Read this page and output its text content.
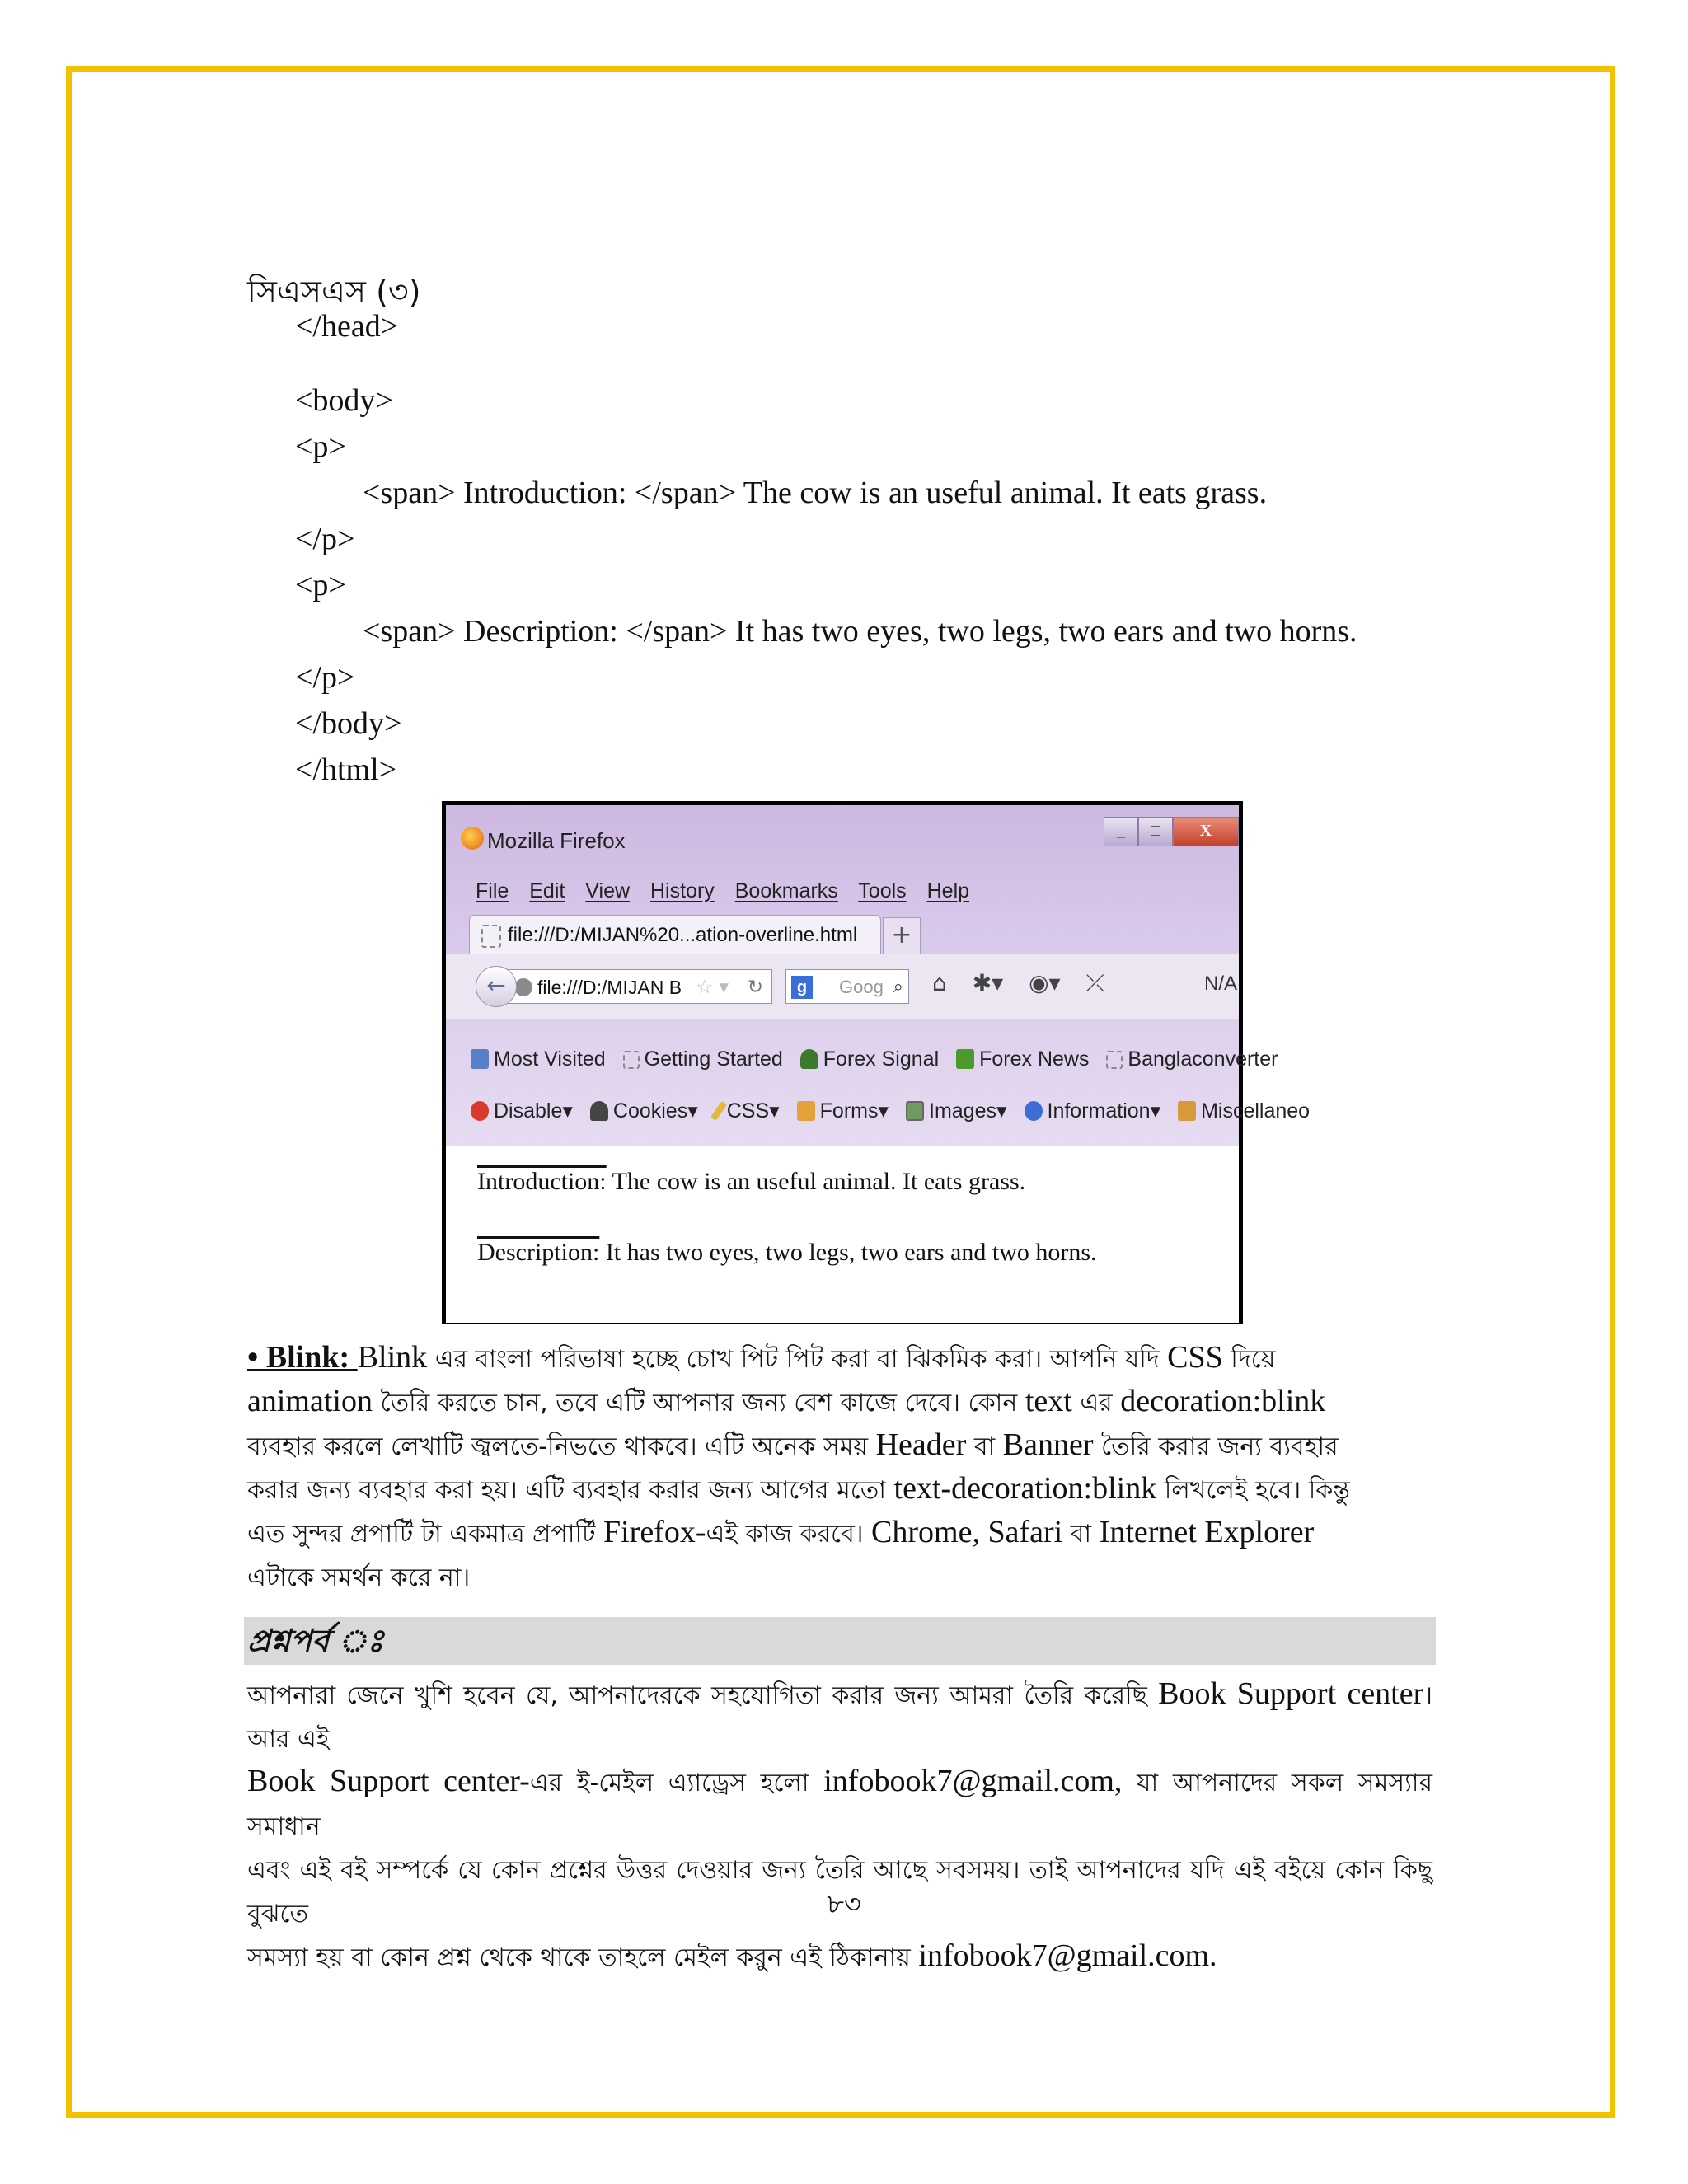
সিএসএস (৩)
</head>
<body>
<p>
<span> Introduction: </span> The cow is an useful animal. It eats grass.
</p>
<p>
<span> Description: </span> It has two eyes, two legs, two ears and two horns.
</p>
</body>
</html>
Mozilla Firefox	_	□	X
File Edit View History Bookmarks Tools Help
file:///D:/MIJAN%20...ation-overline.html	+
file:///D:/MIJAN B ☆ ▾ ↻
←	g	Goog ⌕ ⌂ ✱▾ ◉▾ ⤫	N/A
Most Visited Getting Started Forex Signal Forex News Banglaconverter
Disable▾ Cookies▾ CSS▾ Forms▾ Images▾ Information▾ Miscellaneo
Introduction: The cow is an useful animal. It eats grass.
Description: It has two eyes, two legs, two ears and two horns.
• Blink: Blink এর বাংলা পরিভাষা হচ্ছে চোখ পিট পিট করা বা ঝিকমিক করা। আপনি যদি CSS দিয়ে
animation তৈরি করতে চান, তবে এটি আপনার জন্য বেশ কাজে দেবে। কোন text এর decoration:blink
ব্যবহার করলে লেখাটি জ্বলতে-নিভতে থাকবে। এটি অনেক সময় Header বা Banner তৈরি করার জন্য ব্যবহার
করার জন্য ব্যবহার করা হয়। এটি ব্যবহার করার জন্য আগের মতো text-decoration:blink লিখলেই হবে। কিন্তু
এত সুন্দর প্রপার্টি টা একমাত্র প্রপার্টি Firefox-এই কাজ করবে। Chrome, Safari বা Internet Explorer
এটাকে সমর্থন করে না।
প্রশ্নপর্ব ঃ
আপনারা জেনে খুশি হবেন যে, আপনাদেরকে সহযোগিতা করার জন্য আমরা তৈরি করেছি Book Support center। আর এই
Book Support center-এর ই-মেইল এ্যাড্রেস হলো infobook7@gmail.com, যা আপনাদের সকল সমস্যার সমাধান
এবং এই বই সম্পর্কে যে কোন প্রশ্নের উত্তর দেওয়ার জন্য তৈরি আছে সবসময়। তাই আপনাদের যদি এই বইয়ে কোন কিছু বুঝতে
সমস্যা হয় বা কোন প্রশ্ন থেকে থাকে তাহলে মেইল কর‍ুন এই ঠিকানায় infobook7@gmail.com.
৮৩
